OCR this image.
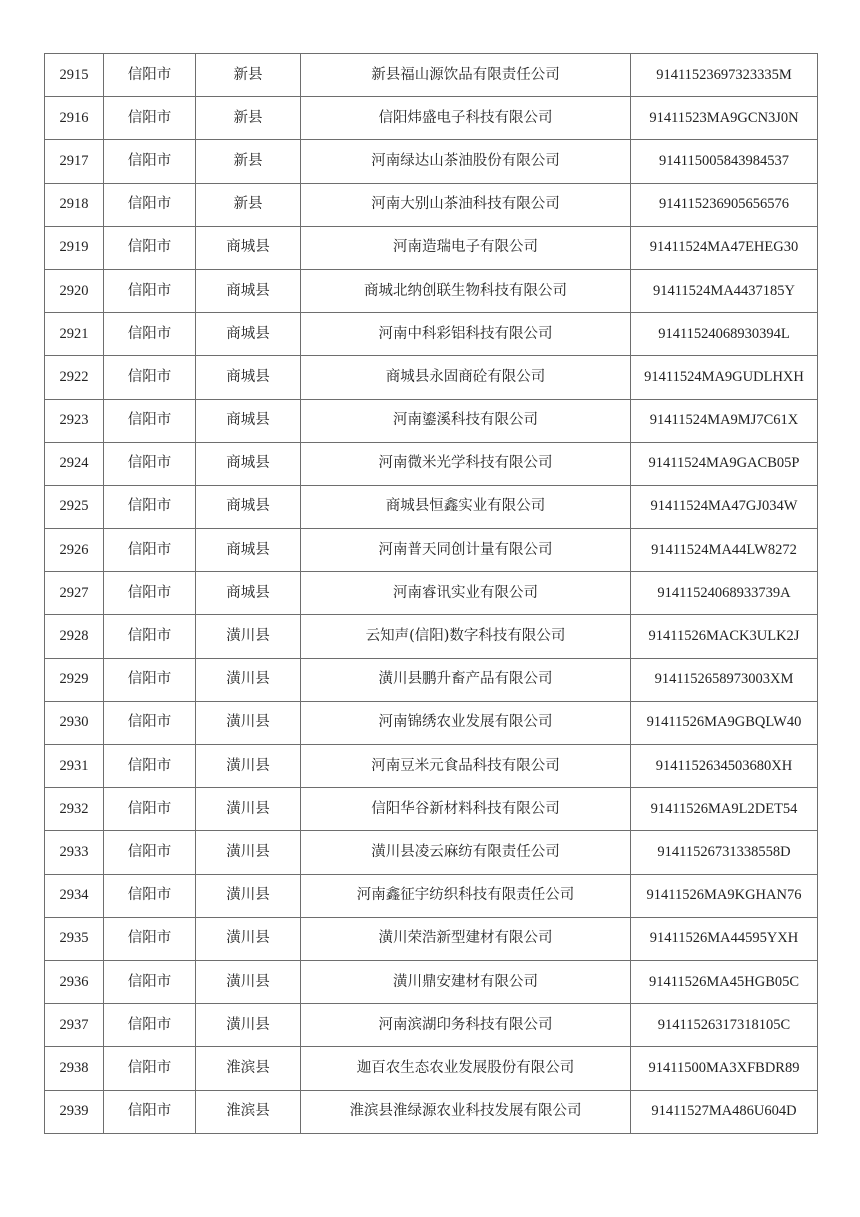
2915	信阳市	新县	新县福山源饮品有限责任公司	91411523697323335M
2916	信阳市	新县	信阳炜盛电子科技有限公司	91411523MA9GCN3J0N
2917	信阳市	新县	河南绿达山茶油股份有限公司	914115005843984537
2918	信阳市	新县	河南大别山茶油科技有限公司	914115236905656576
2919	信阳市	商城县	河南造瑞电子有限公司	91411524MA47EHEG30
2920	信阳市	商城县	商城北纳创联生物科技有限公司	91411524MA4437185Y
2921	信阳市	商城县	河南中科彩铝科技有限公司	91411524068930394L
2922	信阳市	商城县	商城县永固商砼有限公司	91411524MA9GUDLHXH
2923	信阳市	商城县	河南鎏溪科技有限公司	91411524MA9MJ7C61X
2924	信阳市	商城县	河南微米光学科技有限公司	91411524MA9GACB05P
2925	信阳市	商城县	商城县恒鑫实业有限公司	91411524MA47GJ034W
2926	信阳市	商城县	河南普天同创计量有限公司	91411524MA44LW8272
2927	信阳市	商城县	河南睿讯实业有限公司	91411524068933739A
2928	信阳市	潢川县	云知声(信阳)数字科技有限公司	91411526MACK3ULK2J
2929	信阳市	潢川县	潢川县鹏升畜产品有限公司	9141152658973003XM
2930	信阳市	潢川县	河南锦绣农业发展有限公司	91411526MA9GBQLW40
2931	信阳市	潢川县	河南豆米元食品科技有限公司	9141152634503680XH
2932	信阳市	潢川县	信阳华谷新材料科技有限公司	91411526MA9L2DET54
2933	信阳市	潢川县	潢川县凌云麻纺有限责任公司	91411526731338558D
2934	信阳市	潢川县	河南鑫征宇纺织科技有限责任公司	91411526MA9KGHAN76
2935	信阳市	潢川县	潢川荣浩新型建材有限公司	91411526MA44595YXH
2936	信阳市	潢川县	潢川鼎安建材有限公司	91411526MA45HGB05C
2937	信阳市	潢川县	河南滨湖印务科技有限公司	91411526317318105C
2938	信阳市	淮滨县	迦百农生态农业发展股份有限公司	91411500MA3XFBDR89
2939	信阳市	淮滨县	淮滨县淮绿源农业科技发展有限公司	91411527MA486U604D
